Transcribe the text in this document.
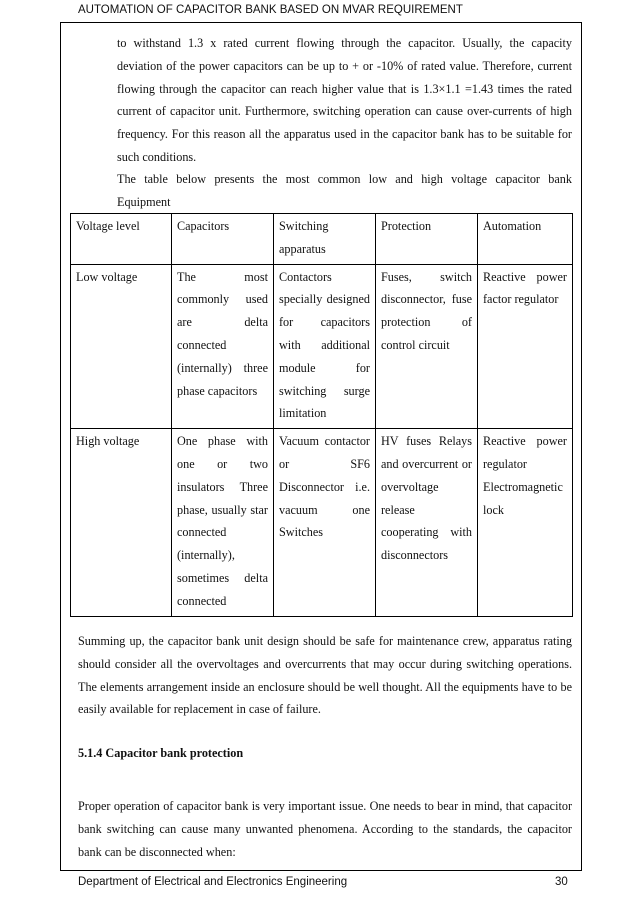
AUTOMATION OF CAPACITOR BANK BASED ON MVAR REQUIREMENT

to withstand 1.3 x rated current flowing through the capacitor. Usually, the capacity deviation of the power capacitors can be up to + or -10% of rated value. Therefore, current flowing through the capacitor can reach higher value that is 1.3×1.1 =1.43 times the rated current of capacitor unit. Furthermore, switching operation can cause over-currents of high frequency. For this reason all the apparatus used in the capacitor bank has to be suitable for such conditions.

The table below presents the most common low and high voltage capacitor bank
Equipment

Voltage level	Capacitors	Switching apparatus	Protection	Automation
Low voltage	The most commonly used are delta connected (internally) three phase capacitors	Contactors specially designed for capacitors with additional module for switching surge limitation	Fuses, switch disconnector, fuse protection of control circuit	Reactive power factor regulator
High voltage	One phase with one or two insulators Three phase, usually star connected (internally), sometimes delta connected	Vacuum contactor or SF6 Disconnector i.e. vacuum one Switches	HV fuses Relays and overcurrent or overvoltage release cooperating with disconnectors	Reactive power regulator Electromagnetic lock

Summing up, the capacitor bank unit design should be safe for maintenance crew, apparatus rating should consider all the overvoltages and overcurrents that may occur during switching operations. The elements arrangement inside an enclosure should be well thought. All the equipments have to be easily available for replacement in case of failure.

5.1.4 Capacitor bank protection

Proper operation of capacitor bank is very important issue. One needs to bear in mind, that capacitor bank switching can cause many unwanted phenomena. According to the standards, the capacitor bank can be disconnected when:

Department of Electrical and Electronics Engineering	30
